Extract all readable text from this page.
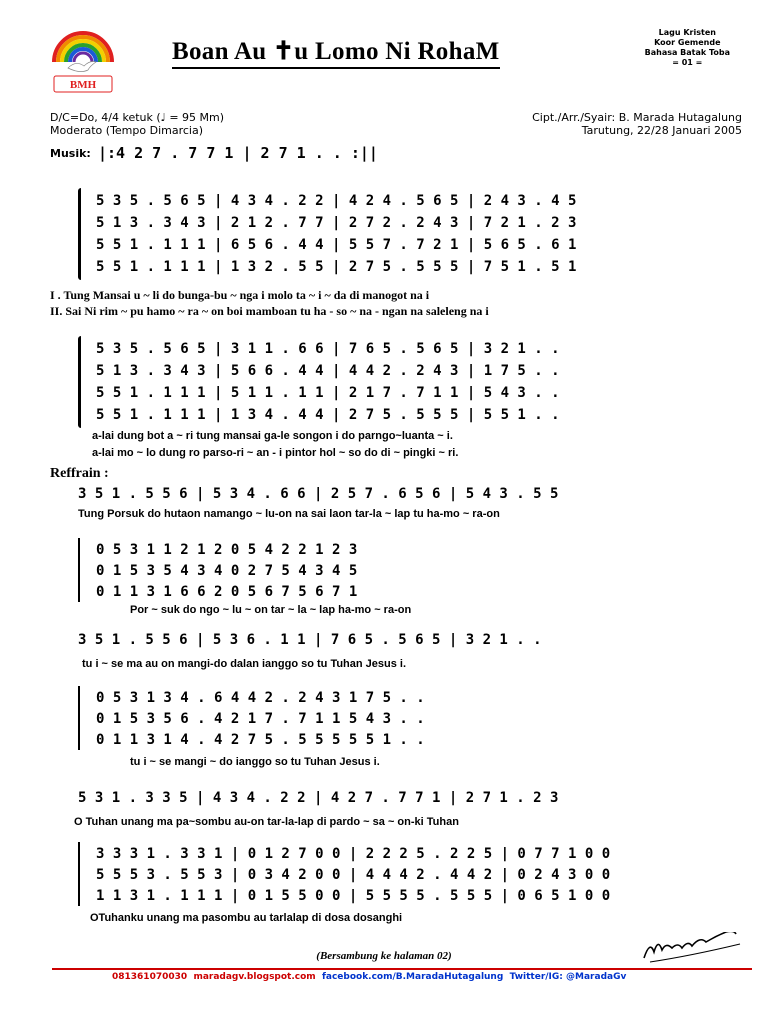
BMH
Boan Au ✝u Lomo Ni RohaM
Lagu Kristen
Koor Gemende
Bahasa Batak Toba
= 01 =
D/C=Do, 4/4 ketuk (♩ = 95 Mm)
Moderato (Tempo Dimarcia)
Cipt./Arr./Syair: B. Marada Hutagalung
Tarutung, 22/28 Januari 2005
Musik: |:4 2 7 . 7 7 1 | 2 7 1 . . :||
5 3 5 . 5 6 5 | 4 3 4 . 2 2 | 4 2 4 . 5 6 5 | 2 4 3 . 4 5
5 1 3 . 3 4 3 | 2 1 2 . 7 7 | 2 7 2 . 2 4 3 | 7 2 1 . 2 3
5 5 1 . 1 1 1 | 6 5 6 . 4 4 | 5 5 7 . 7 2 1 | 5 6 5 . 6 1
5 5 1 . 1 1 1 | 1 3 2 . 5 5 | 2 7 5 . 5 5 5 | 7 5 1 . 5 1
I . Tung Mansai u ~ li do bunga-bu ~ nga i molo ta ~ i ~ da di manogot na i
II. Sai Ni rim ~ pu hamo ~ ra ~ on boi mamboan tu ha - so ~ na - ngan na saleleng na i
5 3 5 . 5 6 5 | 3 1 1 . 6 6 | 7 6 5 . 5 6 5 | 3 2 1 . .
5 1 3 . 3 4 3 | 5 6 6 . 4 4 | 4 4 2 . 2 4 3 | 1 7 5 . .
5 5 1 . 1 1 1 | 5 1 1 . 1 1 | 2 1 7 . 7 1 1 | 5 4 3 . .
5 5 1 . 1 1 1 | 1 3 4 . 4 4 | 2 7 5 . 5 5 5 | 5 5 1 . .
a-lai dung bot a ~ ri tung mansai ga-le songon i do parngo~luanta ~ i.
a-lai mo ~ lo dung ro parso-ri ~ an - i pintor hol ~ so do di ~ pingki ~ ri.
Reffrain :
3 5 1 . 5 5 6 | 5 3 4 . 6 6 | 2 5 7 . 6 5 6 | 5 4 3 . 5 5
Tung Porsuk do hutaon namango ~ lu-on na sai laon tar-la ~ lap tu ha-mo ~ ra-on
0 5 3 1 1 2 1 2 0 5 4 2 2 1 2 3
0 1 5 3 5 4 3 4 0 2 7 5 4 3 4 5
0 1 1 3 1 6 6 2 0 5 6 7 5 6 7 1
Por ~ suk do ngo ~ lu ~ on tar ~ la ~ lap ha-mo ~ ra-on
3 5 1 . 5 5 6 | 5 3 6 . 1 1 | 7 6 5 . 5 6 5 | 3 2 1 . .
tu i ~ se ma au on mangi-do dalan ianggo so tu Tuhan Jesus i.
0 5 3 1 3 4 . 6 4 4 2 . 2 4 3 1 7 5 . .
0 1 5 3 5 6 . 4 2 1 7 . 7 1 1 5 4 3 . .
0 1 1 3 1 4 . 4 2 7 5 . 5 5 5 5 5 1 . .
tu i ~ se mangi ~ do ianggo so tu Tuhan Jesus i.
5 3 1 . 3 3 5 | 4 3 4 . 2 2 | 4 2 7 . 7 7 1 | 2 7 1 . 2 3
O Tuhan unang ma pa~sombu au-on tar-la-lap di pardo ~ sa ~ on-ki Tuhan
3 3 3 1 . 3 3 1 | 0 1 2 7 0 0 | 2 2 2 5 . 2 2 5 | 0 7 7 1 0 0
5 5 5 3 . 5 5 3 | 0 3 4 2 0 0 | 4 4 4 2 . 4 4 2 | 0 2 4 3 0 0
1 1 3 1 . 1 1 1 | 0 1 5 5 0 0 | 5 5 5 5 . 5 5 5 | 0 6 5 1 0 0
OTuhanku unang ma pasombu au tarlalap di dosa dosanghi
(Bersambung ke halaman 02)
081361070030 maradagv.blogspot.com facebook.com/B.MaradaHutagalung Twitter/IG: @MaradaGv
